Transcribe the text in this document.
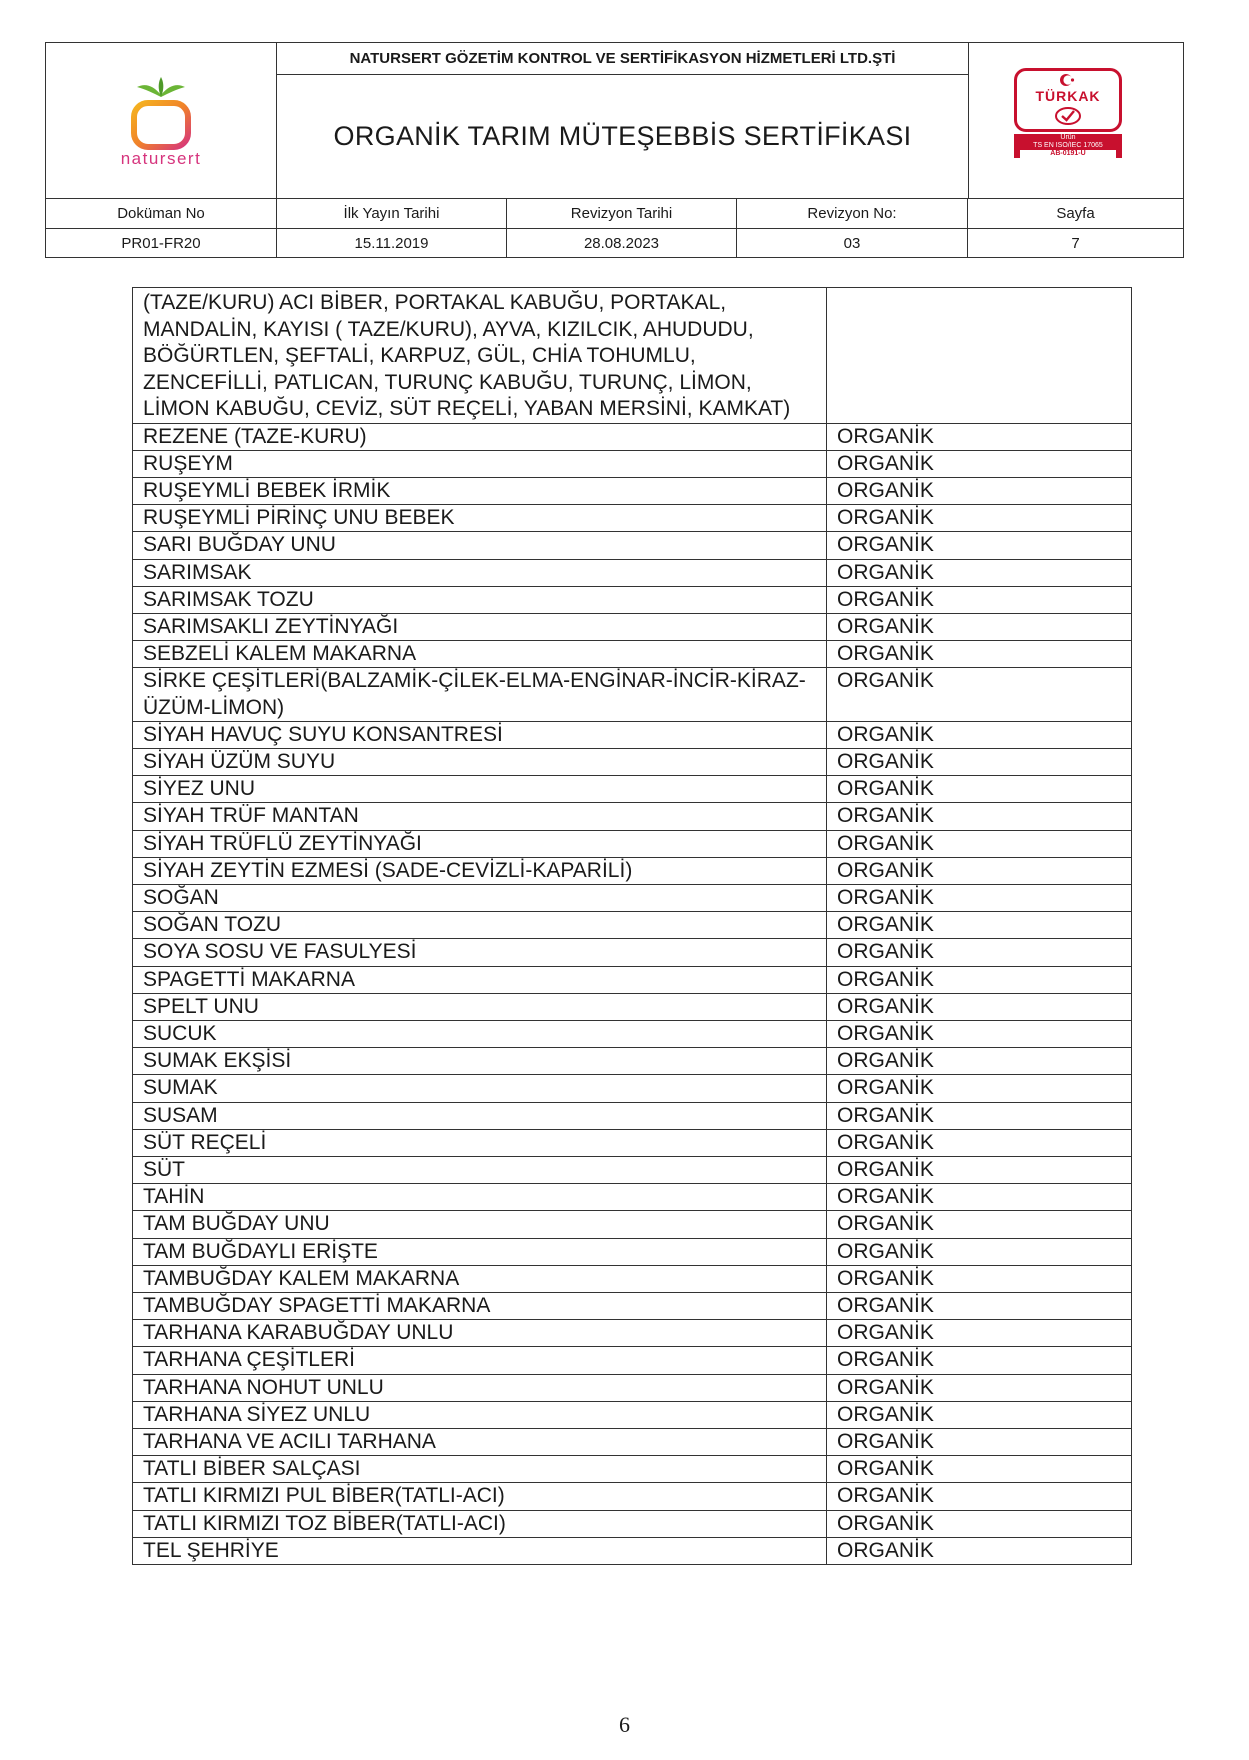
natursert
NATURSERT GÖZETİM KONTROL VE SERTİFİKASYON HİZMETLERİ LTD.ŞTİ
ORGANİK TARIM MÜTEŞEBBİS SERTİFİKASI
TÜRKAK
Ürün
TS EN ISO/IEC 17065
AB-0191-U
Doküman No	İlk Yayın Tarihi	Revizyon Tarihi	Revizyon No:	Sayfa
PR01-FR20	15.11.2019	28.08.2023	03	7
(TAZE/KURU) ACI BİBER, PORTAKAL KABUĞU, PORTAKAL, MANDALİN, KAYISI ( TAZE/KURU), AYVA, KIZILCIK, AHUDUDU, BÖĞÜRTLEN, ŞEFTALİ, KARPUZ, GÜL, CHİA TOHUMLU, ZENCEFİLLİ, PATLICAN, TURUNÇ KABUĞU, TURUNÇ, LİMON, LİMON KABUĞU, CEVİZ, SÜT REÇELİ, YABAN MERSİNİ, KAMKAT)	
REZENE (TAZE-KURU)	ORGANİK
RUŞEYM	ORGANİK
RUŞEYMLİ BEBEK İRMİK	ORGANİK
RUŞEYMLİ PİRİNÇ UNU BEBEK	ORGANİK
SARI BUĞDAY UNU	ORGANİK
SARIMSAK	ORGANİK
SARIMSAK TOZU	ORGANİK
SARIMSAKLI ZEYTİNYAĞI	ORGANİK
SEBZELİ KALEM MAKARNA	ORGANİK
SİRKE ÇEŞİTLERİ(BALZAMİK-ÇİLEK-ELMA-ENGİNAR-İNCİR-KİRAZ-ÜZÜM-LİMON)	ORGANİK
SİYAH HAVUÇ SUYU KONSANTRESİ	ORGANİK
SİYAH ÜZÜM SUYU	ORGANİK
SİYEZ UNU	ORGANİK
SİYAH TRÜF MANTAN	ORGANİK
SİYAH TRÜFLÜ ZEYTİNYAĞI	ORGANİK
SİYAH ZEYTİN EZMESİ (SADE-CEVİZLİ-KAPARİLİ)	ORGANİK
SOĞAN	ORGANİK
SOĞAN TOZU	ORGANİK
SOYA SOSU VE FASULYESİ	ORGANİK
SPAGETTİ MAKARNA	ORGANİK
SPELT UNU	ORGANİK
SUCUK	ORGANİK
SUMAK EKŞİSİ	ORGANİK
SUMAK	ORGANİK
SUSAM	ORGANİK
SÜT REÇELİ	ORGANİK
SÜT	ORGANİK
TAHİN	ORGANİK
TAM BUĞDAY UNU	ORGANİK
TAM BUĞDAYLI ERİŞTE	ORGANİK
TAMBUĞDAY KALEM MAKARNA	ORGANİK
TAMBUĞDAY SPAGETTİ MAKARNA	ORGANİK
TARHANA KARABUĞDAY UNLU	ORGANİK
TARHANA ÇEŞİTLERİ	ORGANİK
TARHANA NOHUT UNLU	ORGANİK
TARHANA SİYEZ UNLU	ORGANİK
TARHANA VE ACILI TARHANA	ORGANİK
TATLI BİBER SALÇASI	ORGANİK
TATLI KIRMIZI PUL BİBER(TATLI-ACI)	ORGANİK
TATLI KIRMIZI TOZ BİBER(TATLI-ACI)	ORGANİK
TEL ŞEHRİYE	ORGANİK
6
